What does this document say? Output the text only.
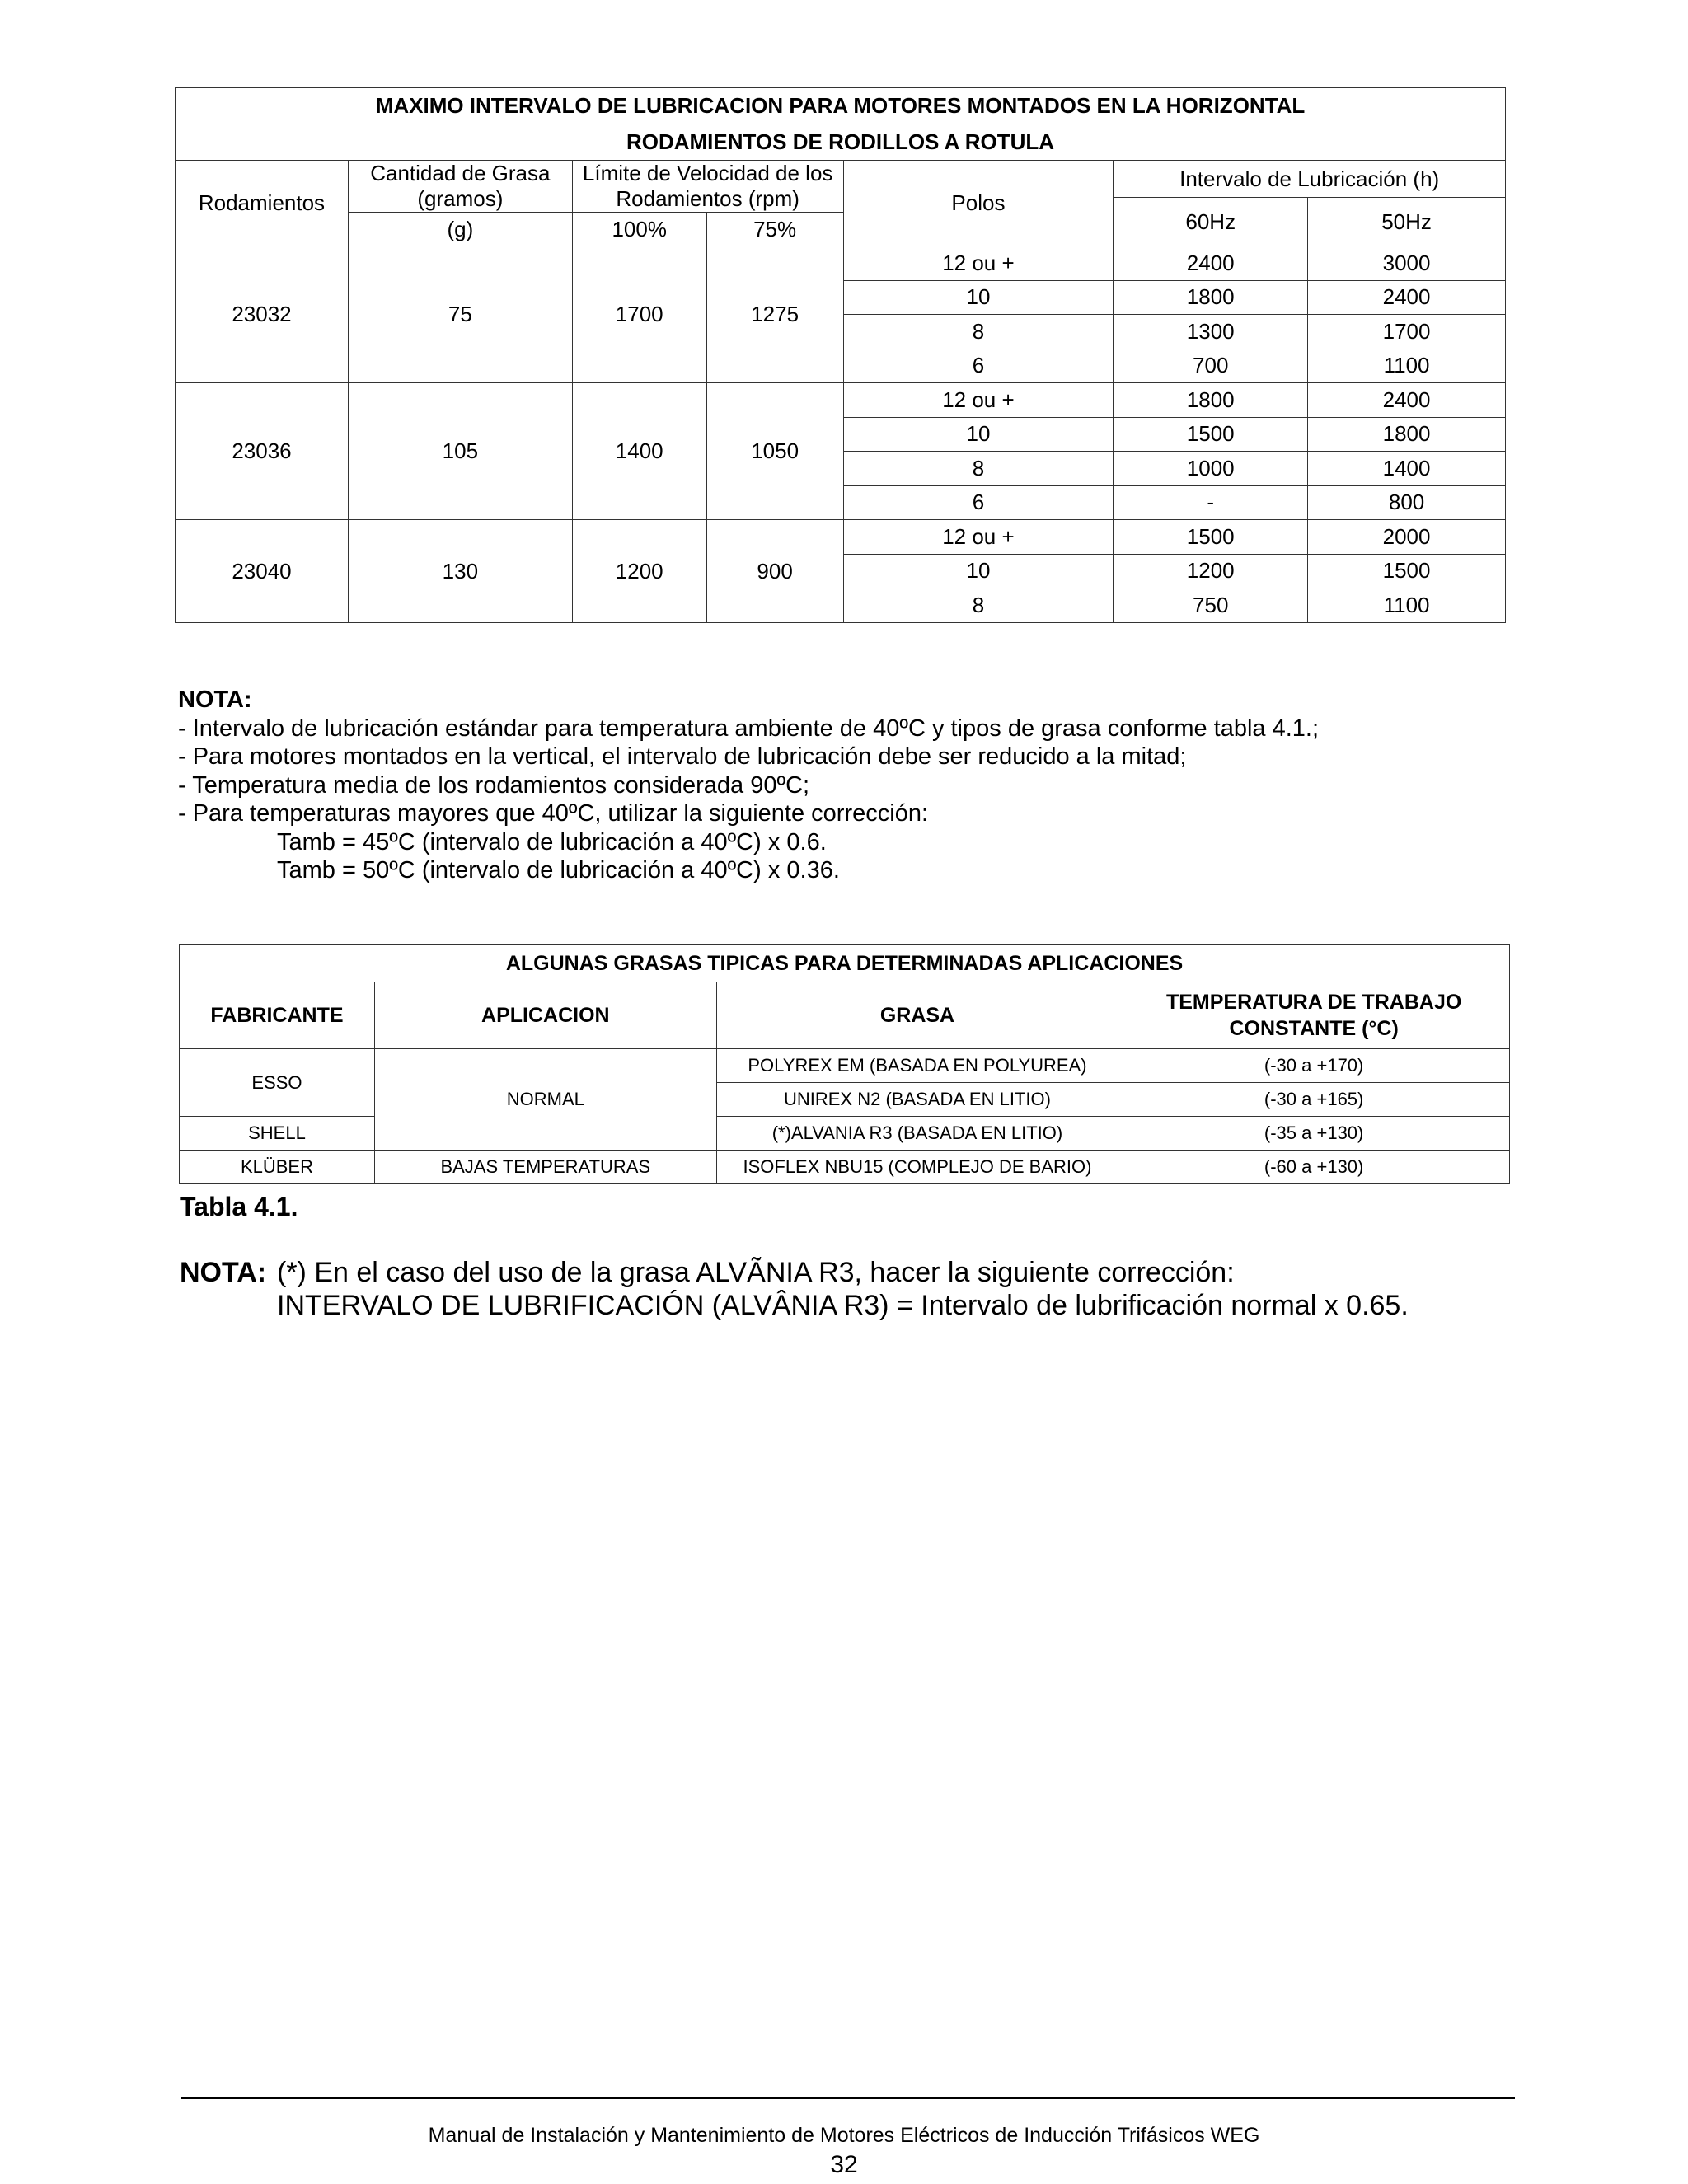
MAXIMO INTERVALO DE LUBRICACION PARA MOTORES MONTADOS EN LA HORIZONTAL						
RODAMIENTOS DE RODILLOS A ROTULA						
Rodamientos	Cantidad de Grasa (gramos)	Límite de Velocidad de los Rodamientos (rpm)		Polos	Intervalo de Lubricación (h)	
					60Hz	50Hz
	(g)	100%	75%			
23032	75	1700	1275	12 ou +	2400	3000
				10	1800	2400
				8	1300	1700
				6	700	1100
23036	105	1400	1050	12 ou +	1800	2400
				10	1500	1800
				8	1000	1400
				6	-	800
23040	130	1200	900	12 ou +	1500	2000
				10	1200	1500
				8	750	1100
NOTA:
- Intervalo de lubricación estándar para temperatura ambiente de 40ºC y tipos de grasa conforme tabla 4.1.;
- Para motores montados en la vertical, el intervalo de lubricación debe ser reducido a la mitad;
- Temperatura media de los rodamientos considerada 90ºC;
- Para temperaturas mayores que 40ºC, utilizar la siguiente corrección:
Tamb = 45ºC (intervalo de lubricación a 40ºC) x 0.6.
Tamb = 50ºC (intervalo de lubricación a 40ºC) x 0.36.
ALGUNAS GRASAS TIPICAS PARA DETERMINADAS APLICACIONES			
FABRICANTE	APLICACION	GRASA	TEMPERATURA DE TRABAJO CONSTANTE (°C)
ESSO	NORMAL	POLYREX EM (BASADA EN POLYUREA)	(-30 a +170)
		UNIREX N2 (BASADA EN LITIO)	(-30 a +165)
SHELL		(*)ALVANIA R3 (BASADA EN LITIO)	(-35 a +130)
KLÜBER	BAJAS TEMPERATURAS	ISOFLEX NBU15 (COMPLEJO DE BARIO)	(-60 a +130)
Tabla 4.1.
NOTA: (*) En el caso del uso de la grasa ALVÃNIA R3, hacer la siguiente corrección:
INTERVALO DE LUBRIFICACIÓN (ALVÂNIA R3) = Intervalo de lubrificación normal x 0.65.
Manual de Instalación y Mantenimiento de Motores Eléctricos de Inducción Trifásicos WEG
32
